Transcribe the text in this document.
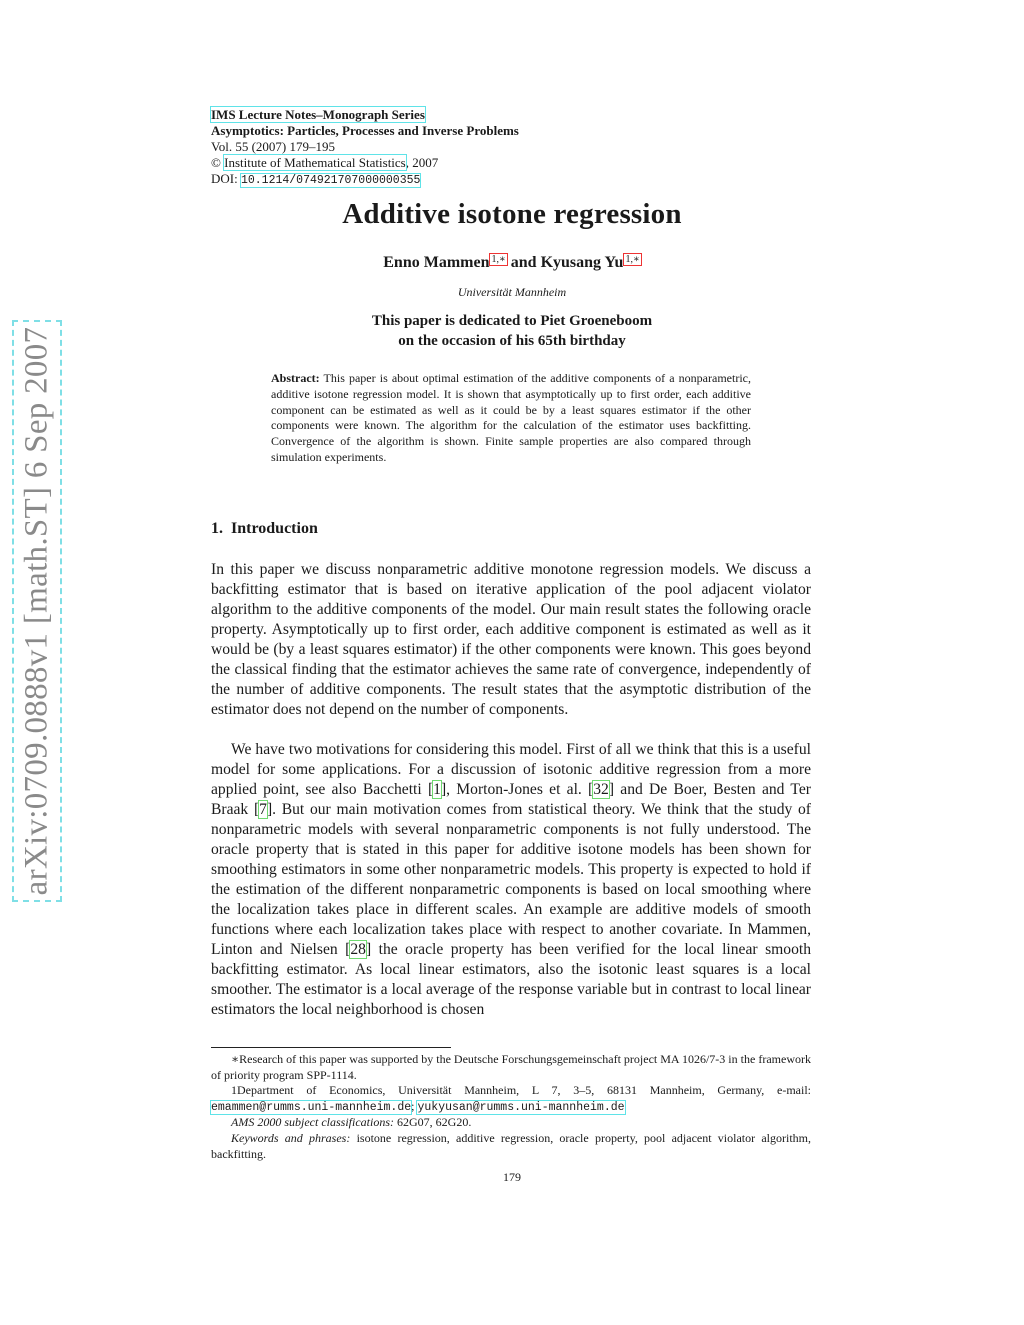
arXiv:0709.0888v1 [math.ST] 6 Sep 2007
IMS Lecture Notes–Monograph Series
Asymptotics: Particles, Processes and Inverse Problems
Vol. 55 (2007) 179–195
© Institute of Mathematical Statistics, 2007
DOI: 10.1214/074921707000000355
Additive isotone regression
Enno Mammen 1,∗ and Kyusang Yu 1,∗
Universität Mannheim
This paper is dedicated to Piet Groeneboom
on the occasion of his 65th birthday
Abstract: This paper is about optimal estimation of the additive components of a nonparametric, additive isotone regression model. It is shown that asymptotically up to first order, each additive component can be estimated as well as it could be by a least squares estimator if the other components were known. The algorithm for the calculation of the estimator uses backfitting. Convergence of the algorithm is shown. Finite sample properties are also compared through simulation experiments.
1. Introduction
In this paper we discuss nonparametric additive monotone regression models. We discuss a backfitting estimator that is based on iterative application of the pool adjacent violator algorithm to the additive components of the model. Our main result states the following oracle property. Asymptotically up to first order, each additive component is estimated as well as it would be (by a least squares estimator) if the other components were known. This goes beyond the classical finding that the estimator achieves the same rate of convergence, independently of the number of additive components. The result states that the asymptotic distribution of the estimator does not depend on the number of components.
We have two motivations for considering this model. First of all we think that this is a useful model for some applications. For a discussion of isotonic additive regression from a more applied point, see also Bacchetti [1], Morton-Jones et al. [32] and De Boer, Besten and Ter Braak [7]. But our main motivation comes from statistical theory. We think that the study of nonparametric models with several nonparametric components is not fully understood. The oracle property that is stated in this paper for additive isotone models has been shown for smoothing estimators in some other nonparametric models. This property is expected to hold if the estimation of the different nonparametric components is based on local smoothing where the localization takes place in different scales. An example are additive models of smooth functions where each localization takes place with respect to another covariate. In Mammen, Linton and Nielsen [28] the oracle property has been verified for the local linear smooth backfitting estimator. As local linear estimators, also the isotonic least squares is a local smoother. The estimator is a local average of the response variable but in contrast to local linear estimators the local neighborhood is chosen

∗Research of this paper was supported by the Deutsche Forschungsgemeinschaft project MA 1026/7-3 in the framework of priority program SPP-1114.

1Department of Economics, Universität Mannheim, L 7, 3–5, 68131 Mannheim, Germany, e-mail: emammen@rumms.uni-mannheim.de; yukyusan@rumms.uni-mannheim.de

AMS 2000 subject classifications: 62G07, 62G20.

Keywords and phrases: isotone regression, additive regression, oracle property, pool adjacent violator algorithm, backfitting.

179
